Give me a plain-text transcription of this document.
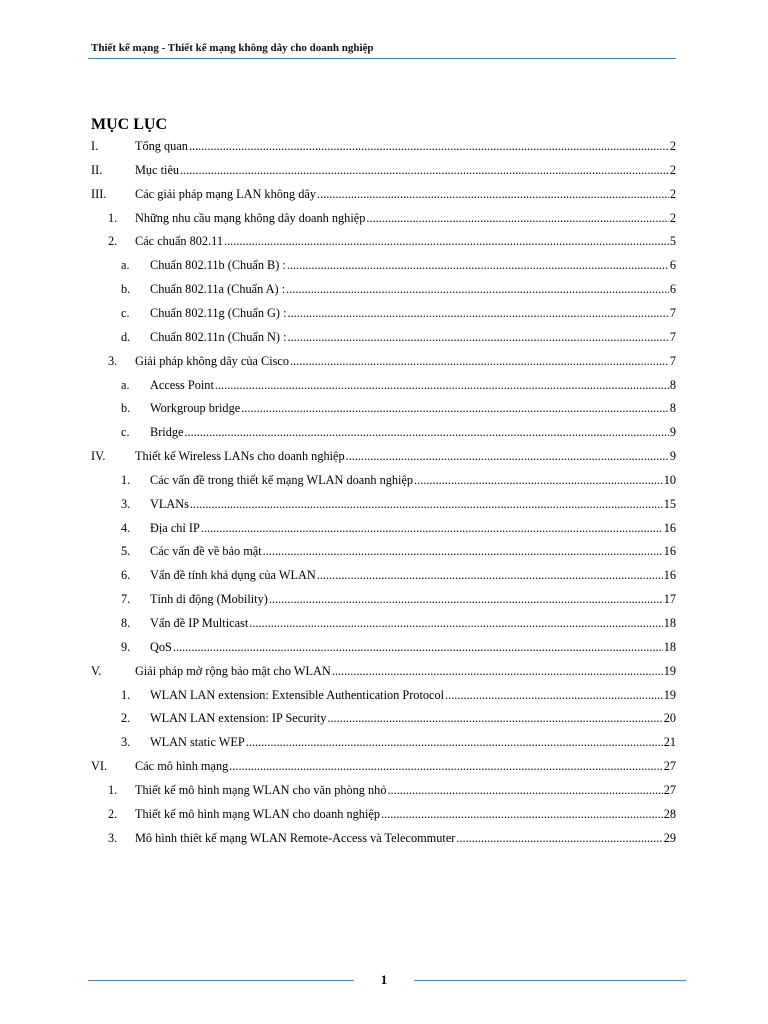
Thiết kế mạng - Thiết kế mạng không dây cho doanh nghiệp
MỤC LỤC
I.	Tổng quan .....	2
II.	Mục tiêu .....	2
III.	Các giải pháp mạng LAN không dây .....	2
1.	Những nhu cầu mạng không dây doanh nghiệp .....	2
2.	Các chuẩn 802.11 .....	5
a.	Chuẩn 802.11b (Chuẩn B) : .....	6
b.	Chuẩn 802.11a (Chuẩn A) : .....	6
c.	Chuẩn 802.11g (Chuẩn G) : .....	7
d.	Chuẩn 802.11n (Chuẩn N) : .....	7
3.	Giải pháp không dây của Cisco .....	7
a.	Access Point .....	8
b.	Workgroup bridge .....	8
c.	Bridge .....	9
IV.	Thiết kế Wireless LANs cho doanh nghiệp .....	9
1.	Các vấn đề trong thiết kế mạng WLAN doanh nghiệp .....	10
3.	VLANs .....	15
4.	Địa chỉ IP .....	16
5.	Các vấn đề về bảo mật .....	16
6.	Vấn đề tính khả dụng của WLAN .....	16
7.	Tính di động (Mobility) .....	17
8.	Vấn đề IP Multicast .....	18
9.	QoS .....	18
V.	Giải pháp mở rộng bảo mật cho WLAN .....	19
1.	WLAN LAN extension: Extensible Authentication Protocol .....	19
2.	WLAN LAN extension: IP Security .....	20
3.	WLAN static WEP .....	21
VI.	Các mô hình mạng .....	27
1.	Thiết kế mô hình mạng WLAN cho văn phòng nhỏ .....	27
2.	Thiết kế mô hình mạng WLAN cho doanh nghiệp .....	28
3.	Mô hình thiêt kế mạng WLAN Remote-Access và Telecommuter .....	29
1
